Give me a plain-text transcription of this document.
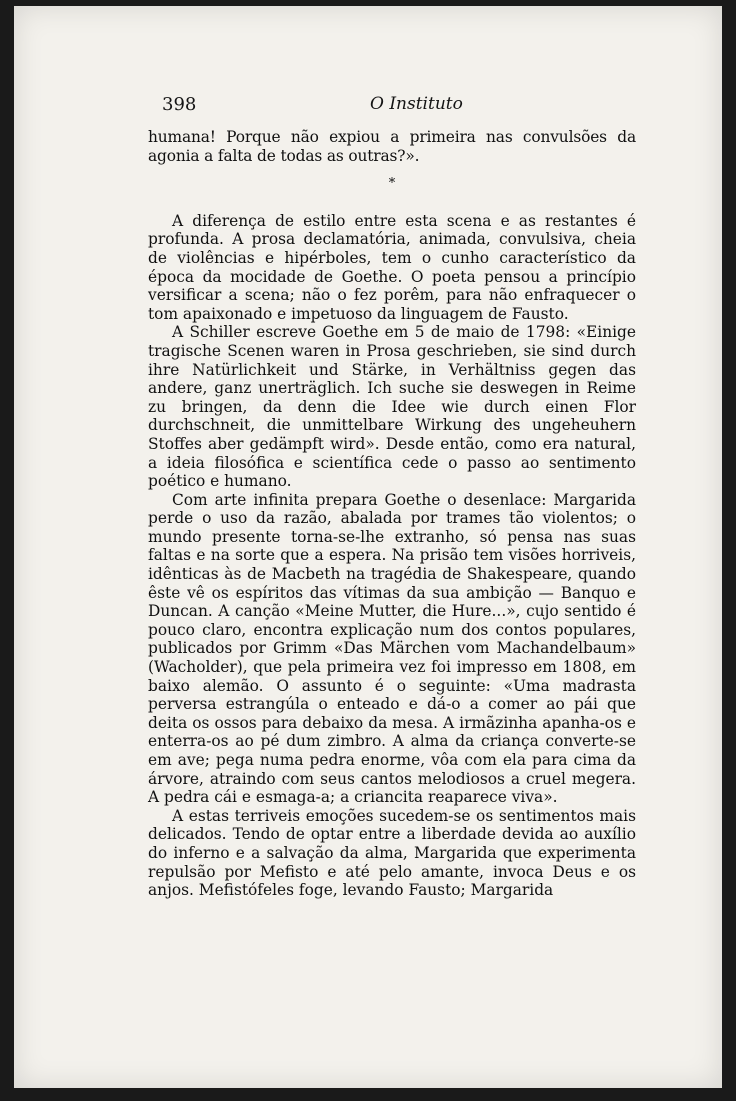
398	O Instituto

humana! Porque não expiou a primeira nas convulsões da agonia a falta de todas as outras?».

*

A diferença de estilo entre esta scena e as restantes é profunda. A prosa declamatória, animada, convulsiva, cheia de violências e hipérboles, tem o cunho característico da época da mocidade de Goethe. O poeta pensou a princípio versificar a scena; não o fez porêm, para não enfraquecer o tom apaixonado e impetuoso da linguagem de Fausto.

A Schiller escreve Goethe em 5 de maio de 1798: «Einige tragische Scenen waren in Prosa geschrieben, sie sind durch ihre Natürlichkeit und Stärke, in Verhältniss gegen das andere, ganz unerträglich. Ich suche sie deswegen in Reime zu bringen, da denn die Idee wie durch einen Flor durchschneit, die unmittelbare Wirkung des ungeheuhern Stoffes aber gedämpft wird». Desde então, como era natural, a ideia filosófica e scientífica cede o passo ao sentimento poético e humano.

Com arte infinita prepara Goethe o desenlace: Margarida perde o uso da razão, abalada por trames tão violentos; o mundo presente torna-se-lhe extranho, só pensa nas suas faltas e na sorte que a espera. Na prisão tem visões horriveis, idênticas às de Macbeth na tragédia de Shakespeare, quando êste vê os espíritos das vítimas da sua ambição — Banquo e Duncan. A canção «Meine Mutter, die Hure...», cujo sentido é pouco claro, encontra explicação num dos contos populares, publicados por Grimm «Das Märchen vom Machandelbaum» (Wacholder), que pela primeira vez foi impresso em 1808, em baixo alemão. O assunto é o seguinte: «Uma madrasta perversa estrangúla o enteado e dá-o a comer ao pái que deita os ossos para debaixo da mesa. A irmãzinha apanha-os e enterra-os ao pé dum zimbro. A alma da criança converte-se em ave; pega numa pedra enorme, vôa com ela para cima da árvore, atraindo com seus cantos melodiosos a cruel megera. A pedra cái e esmaga-a; a criancita reaparece viva».

A estas terriveis emoções sucedem-se os sentimentos mais delicados. Tendo de optar entre a liberdade devida ao auxílio do inferno e a salvação da alma, Margarida que experimenta repulsão por Mefisto e até pelo amante, invoca Deus e os anjos. Mefistófeles foge, levando Fausto; Margarida
